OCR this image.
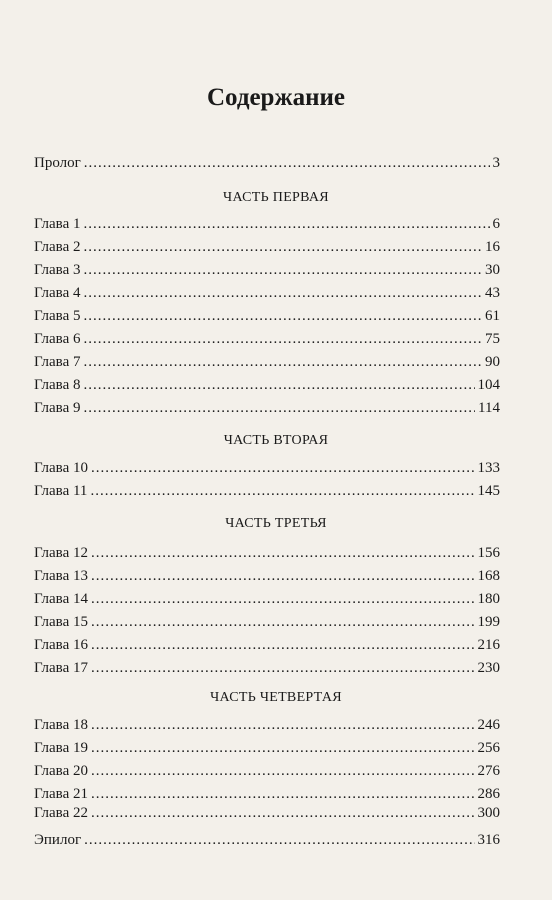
Содержание
Пролог .....	3
ЧАСТЬ ПЕРВАЯ
Глава 1 .....	6
Глава 2 .....	16
Глава 3 .....	30
Глава 4 .....	43
Глава 5 .....	61
Глава 6 .....	75
Глава 7 .....	90
Глава 8 .....	104
Глава 9 .....	114
ЧАСТЬ ВТОРАЯ
Глава 10 .....	133
Глава 11 .....	145
ЧАСТЬ ТРЕТЬЯ
Глава 12 .....	156
Глава 13 .....	168
Глава 14 .....	180
Глава 15 .....	199
Глава 16 .....	216
Глава 17 .....	230
ЧАСТЬ ЧЕТВЕРТАЯ
Глава 18 .....	246
Глава 19 .....	256
Глава 20 .....	276
Глава 21 .....	286
Глава 22 .....	300
Эпилог .....	316
